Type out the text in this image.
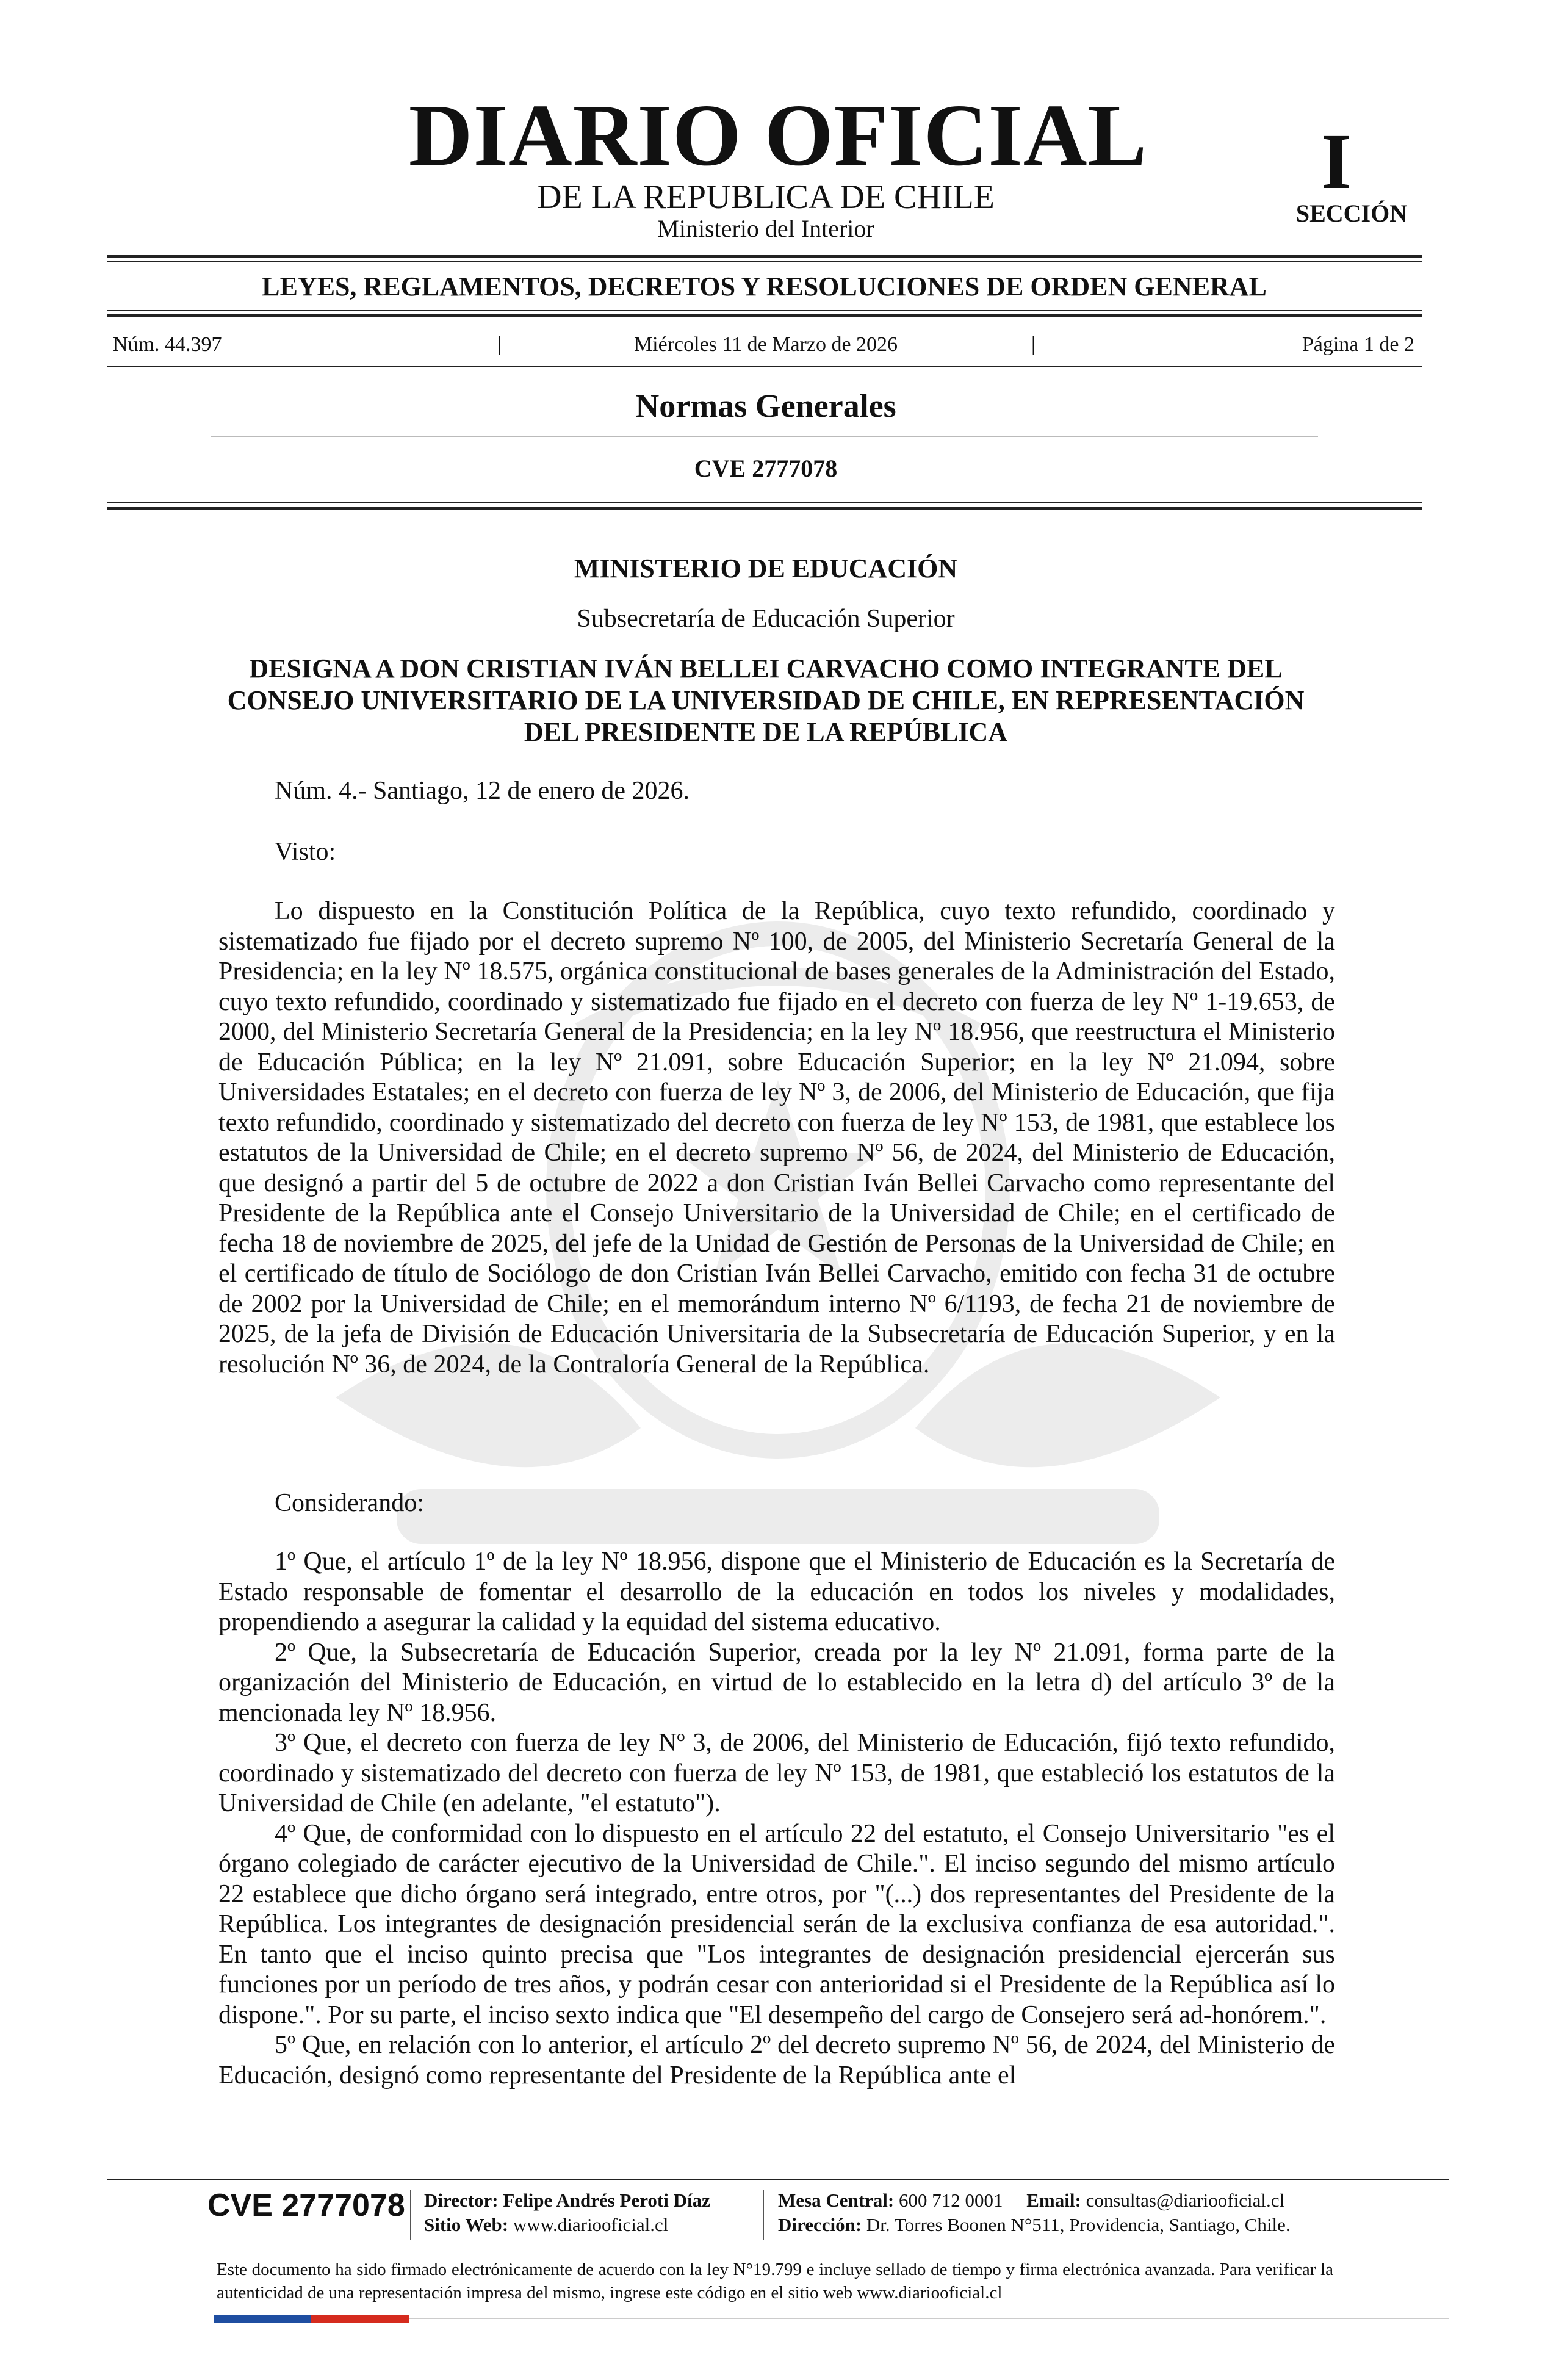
DIARIO OFICIAL
DE LA REPUBLICA DE CHILE
Ministerio del Interior
I
SECCIÓN
LEYES, REGLAMENTOS, DECRETOS Y RESOLUCIONES DE ORDEN GENERAL
Núm. 44.397	|	Miércoles 11 de Marzo de 2026	|	Página 1 de 2
Normas Generales
CVE 2777078
MINISTERIO DE EDUCACIÓN
Subsecretaría de Educación Superior
DESIGNA A DON CRISTIAN IVÁN BELLEI CARVACHO COMO INTEGRANTE DEL CONSEJO UNIVERSITARIO DE LA UNIVERSIDAD DE CHILE, EN REPRESENTACIÓN DEL PRESIDENTE DE LA REPÚBLICA
Núm. 4.- Santiago, 12 de enero de 2026.
Visto:

Lo dispuesto en la Constitución Política de la República, cuyo texto refundido, coordinado y sistematizado fue fijado por el decreto supremo Nº 100, de 2005, del Ministerio Secretaría General de la Presidencia; en la ley Nº 18.575, orgánica constitucional de bases generales de la Administración del Estado, cuyo texto refundido, coordinado y sistematizado fue fijado en el decreto con fuerza de ley Nº 1-19.653, de 2000, del Ministerio Secretaría General de la Presidencia; en la ley Nº 18.956, que reestructura el Ministerio de Educación Pública; en la ley Nº 21.091, sobre Educación Superior; en la ley Nº 21.094, sobre Universidades Estatales; en el decreto con fuerza de ley Nº 3, de 2006, del Ministerio de Educación, que fija texto refundido, coordinado y sistematizado del decreto con fuerza de ley Nº 153, de 1981, que establece los estatutos de la Universidad de Chile; en el decreto supremo Nº 56, de 2024, del Ministerio de Educación, que designó a partir del 5 de octubre de 2022 a don Cristian Iván Bellei Carvacho como representante del Presidente de la República ante el Consejo Universitario de la Universidad de Chile; en el certificado de fecha 18 de noviembre de 2025, del jefe de la Unidad de Gestión de Personas de la Universidad de Chile; en el certificado de título de Sociólogo de don Cristian Iván Bellei Carvacho, emitido con fecha 31 de octubre de 2002 por la Universidad de Chile; en el memorándum interno Nº 6/1193, de fecha 21 de noviembre de 2025, de la jefa de División de Educación Universitaria de la Subsecretaría de Educación Superior, y en la resolución Nº 36, de 2024, de la Contraloría General de la República.

Considerando:

1º Que, el artículo 1º de la ley Nº 18.956, dispone que el Ministerio de Educación es la Secretaría de Estado responsable de fomentar el desarrollo de la educación en todos los niveles y modalidades, propendiendo a asegurar la calidad y la equidad del sistema educativo.

2º Que, la Subsecretaría de Educación Superior, creada por la ley Nº 21.091, forma parte de la organización del Ministerio de Educación, en virtud de lo establecido en la letra d) del artículo 3º de la mencionada ley Nº 18.956.

3º Que, el decreto con fuerza de ley Nº 3, de 2006, del Ministerio de Educación, fijó texto refundido, coordinado y sistematizado del decreto con fuerza de ley Nº 153, de 1981, que estableció los estatutos de la Universidad de Chile (en adelante, "el estatuto").

4º Que, de conformidad con lo dispuesto en el artículo 22 del estatuto, el Consejo Universitario "es el órgano colegiado de carácter ejecutivo de la Universidad de Chile.". El inciso segundo del mismo artículo 22 establece que dicho órgano será integrado, entre otros, por "(...) dos representantes del Presidente de la República. Los integrantes de designación presidencial serán de la exclusiva confianza de esa autoridad.". En tanto que el inciso quinto precisa que "Los integrantes de designación presidencial ejercerán sus funciones por un período de tres años, y podrán cesar con anterioridad si el Presidente de la República así lo dispone.". Por su parte, el inciso sexto indica que "El desempeño del cargo de Consejero será ad-honórem.".

5º Que, en relación con lo anterior, el artículo 2º del decreto supremo Nº 56, de 2024, del Ministerio de Educación, designó como representante del Presidente de la República ante el

CVE 2777078 Director: Felipe Andrés Peroti Díaz
Sitio Web: www.diariooficial.cl
Mesa Central: 600 712 0001 Email: consultas@diariooficial.cl
Dirección: Dr. Torres Boonen N°511, Providencia, Santiago, Chile.
Este documento ha sido firmado electrónicamente de acuerdo con la ley N°19.799 e incluye sellado de tiempo y firma electrónica avanzada. Para verificar la autenticidad de una representación impresa del mismo, ingrese este código en el sitio web www.diariooficial.cl
